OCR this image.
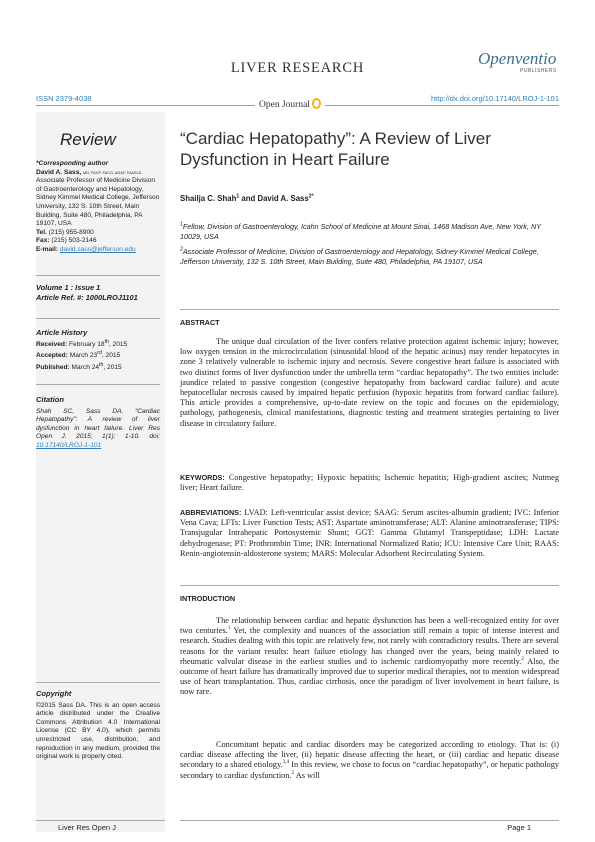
LIVER RESEARCH	Openventio
PUBLISHERS
ISSN 2379-4038	http://dx.doi.org/10.17140/LROJ-1-101
Open Journal
Review
*Corresponding author
David A. Sass, MD, FACP, FACG, AGAF, FAASLD
Associate Professor of Medicine Division of Gastroenterology and Hepatology, Sidney Kimmel Medical College, Jefferson University, 132 S. 10th Street, Main Building, Suite 480, Philadelphia, PA 19107, USA
Tel. (215) 955-8900
Fax: (215) 503-2146
E-mail: david.sass@jefferson.edu
Volume 1 : Issue 1
Article Ref. #: 1000LROJ1101
Article History
Received: February 18th, 2015
Accepted: March 23rd, 2015
Published: March 24th, 2015
Citation
Shah SC, Sass DA. “Cardiac Hepatopathy”: A review of liver dysfunction in heart failure. Liver Res Open J. 2015; 1(1): 1-10. doi: 10.17140/LROJ-1-101
Copyright
©2015 Sass DA. This is an open access article distributed under the Creative Commons Attribution 4.0 International License (CC BY 4.0), which permits unrestricted use, distribution, and reproduction in any medium, provided the original work is properly cited.
“Cardiac Hepatopathy”: A Review of Liver Dysfunction in Heart Failure
Shailja C. Shah$^1$ and David A. Sass$^{2*}$
$^1$Fellow, Division of Gastroenterology, Icahn School of Medicine at Mount Sinai, 1468 Madison Ave, New York, NY 10029, USA
$^2$Associate Professor of Medicine, Division of Gastroenterology and Hepatology, Sidney Kimmel Medical College, Jefferson University, 132 S. 10th Street, Main Building, Suite 480, Philadelphia, PA 19107, USA
ABSTRACT
The unique dual circulation of the liver confers relative protection against ischemic injury; however, low oxygen tension in the microcirculation (sinusoidal blood of the hepatic acinus) may render hepatocytes in zone 3 relatively vulnerable to ischemic injury and necrosis. Severe congestive heart failure is associated with two distinct forms of liver dysfunction under the umbrella term “cardiac hepatopathy”. The two entities include: jaundice related to passive congestion (congestive hepatopathy from backward cardiac failure) and acute hepatocellular necrosis caused by impaired hepatic perfusion (hypoxic hepatitis from forward cardiac failure). This article provides a comprehensive, up-to-date review on the topic and focuses on the epidemiology, pathology, pathogenesis, clinical manifestations, diagnostic testing and treatment strategies pertaining to liver disease in circulatory failure.
KEYWORDS: Congestive hepatopathy; Hypoxic hepatitis; Ischemic hepatitis; High-gradient ascites; Nutmeg liver; Heart failure.
ABBREVIATIONS: LVAD: Left-ventricular assist device; SAAG: Serum ascites-albumin gradient; IVC: Inferior Vena Cava; LFTs: Liver Function Tests; AST: Aspartate aminotransferase; ALT: Alanine aminotransferase; TIPS: Transjugular Intrahepatic Portosystemic Shunt; GGT: Gamma Glutamyl Transpeptidase; LDH: Lactate dehydrogenase; PT: Prothrombin Time; INR: International Normalized Ratio; ICU: Intensive Care Unit; RAAS: Renin-angiotensin-aldosterone system; MARS: Molecular Adsorbent Recirculating System.
INTRODUCTION
The relationship between cardiac and hepatic dysfunction has been a well-recognized entity for over two centuries.$^1$ Yet, the complexity and nuances of the association still remain a topic of intense interest and research. Studies dealing with this topic are relatively few, not rarely with contradictory results. There are several reasons for the variant results: heart failure etiology has changed over the years, being mainly related to rheumatic valvular disease in the earliest studies and to ischemic cardiomyopathy more recently.$^2$ Also, the outcome of heart failure has dramatically improved due to superior medical therapies, not to mention widespread use of heart transplantation. Thus, cardiac cirrhosis, once the paradigm of liver involvement in heart failure, is now rare.
Concomitant hepatic and cardiac disorders may be categorized according to etiology. That is: (i) cardiac disease affecting the liver, (ii) hepatic disease affecting the heart, or (iii) cardiac and hepatic disease secondary to a shared etiology.$^{3,4}$ In this review, we chose to focus on “cardiac hepatopathy”, or hepatic pathology secondary to cardiac dysfunction.$^2$ As will
Liver Res Open J	Page 1
